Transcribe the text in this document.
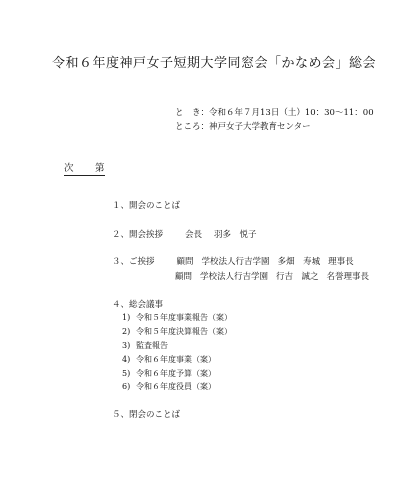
令和６年度神戸女子短期大学同窓会「かなめ会」総会
と　き：令和６年７月13日（土）10：30～11：00
ところ：神戸女子大学教育センター
次　第
１、開会のことば
２、開会挨拶	会長 羽多　悦子
３、ご挨拶	顧問 学校法人行吉学園 多畑　寿城 理事長
顧問 学校法人行吉学園 行吉　誠之 名誉理事長
４、総会議事
1) 令和５年度事業報告（案）
2) 令和５年度決算報告（案）
3) 監査報告
4) 令和６年度事業（案）
5) 令和６年度予算（案）
6) 令和６年度役員（案）
５、閉会のことば
